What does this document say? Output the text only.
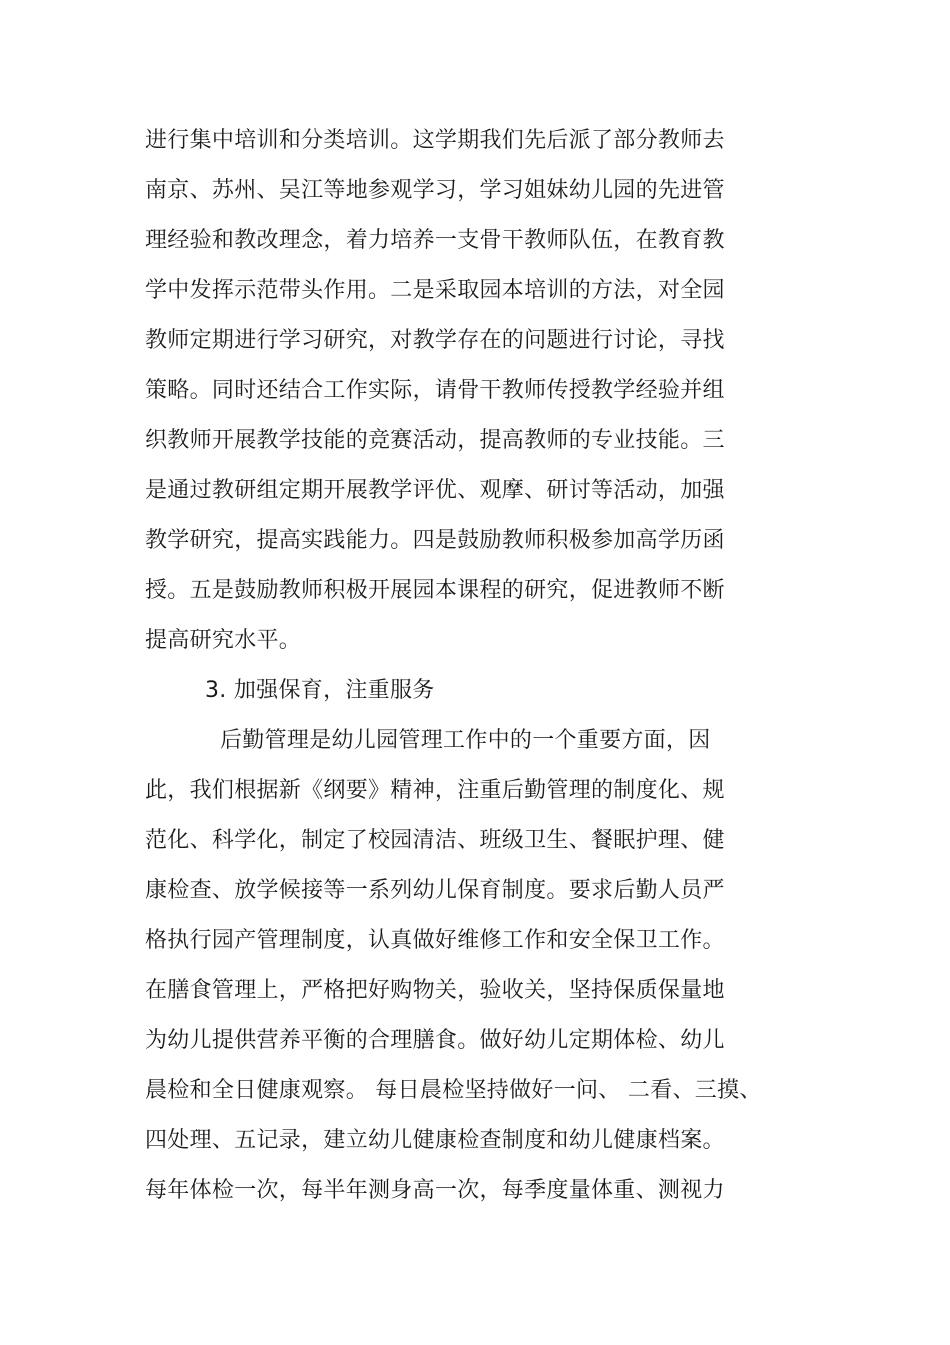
进行集中培训和分类培训。这学期我们先后派了部分教师去
南京、苏州、吴江等地参观学习，学习姐妹幼儿园的先进管
理经验和教改理念，着力培养一支骨干教师队伍，在教育教
学中发挥示范带头作用。二是采取园本培训的方法，对全园
教师定期进行学习研究，对教学存在的问题进行讨论，寻找
策略。同时还结合工作实际，请骨干教师传授教学经验并组
织教师开展教学技能的竞赛活动，提高教师的专业技能。三
是通过教研组定期开展教学评优、观摩、研讨等活动，加强
教学研究，提高实践能力。四是鼓励教师积极参加高学历函
授。五是鼓励教师积极开展园本课程的研究，促进教师不断
提高研究水平。
3. 加强保育，注重服务
后勤管理是幼儿园管理工作中的一个重要方面，因
此，我们根据新《纲要》精神，注重后勤管理的制度化、规
范化、科学化，制定了校园清洁、班级卫生、餐眠护理、健
康检查、放学候接等一系列幼儿保育制度。要求后勤人员严
格执行园产管理制度，认真做好维修工作和安全保卫工作。
在膳食管理上，严格把好购物关，验收关，坚持保质保量地
为幼儿提供营养平衡的合理膳食。做好幼儿定期体检、幼儿
晨检和全日健康观察。 每日晨检坚持做好一问、 二看、三摸、
四处理、五记录，建立幼儿健康检查制度和幼儿健康档案。
每年体检一次，每半年测身高一次，每季度量体重、测视力
